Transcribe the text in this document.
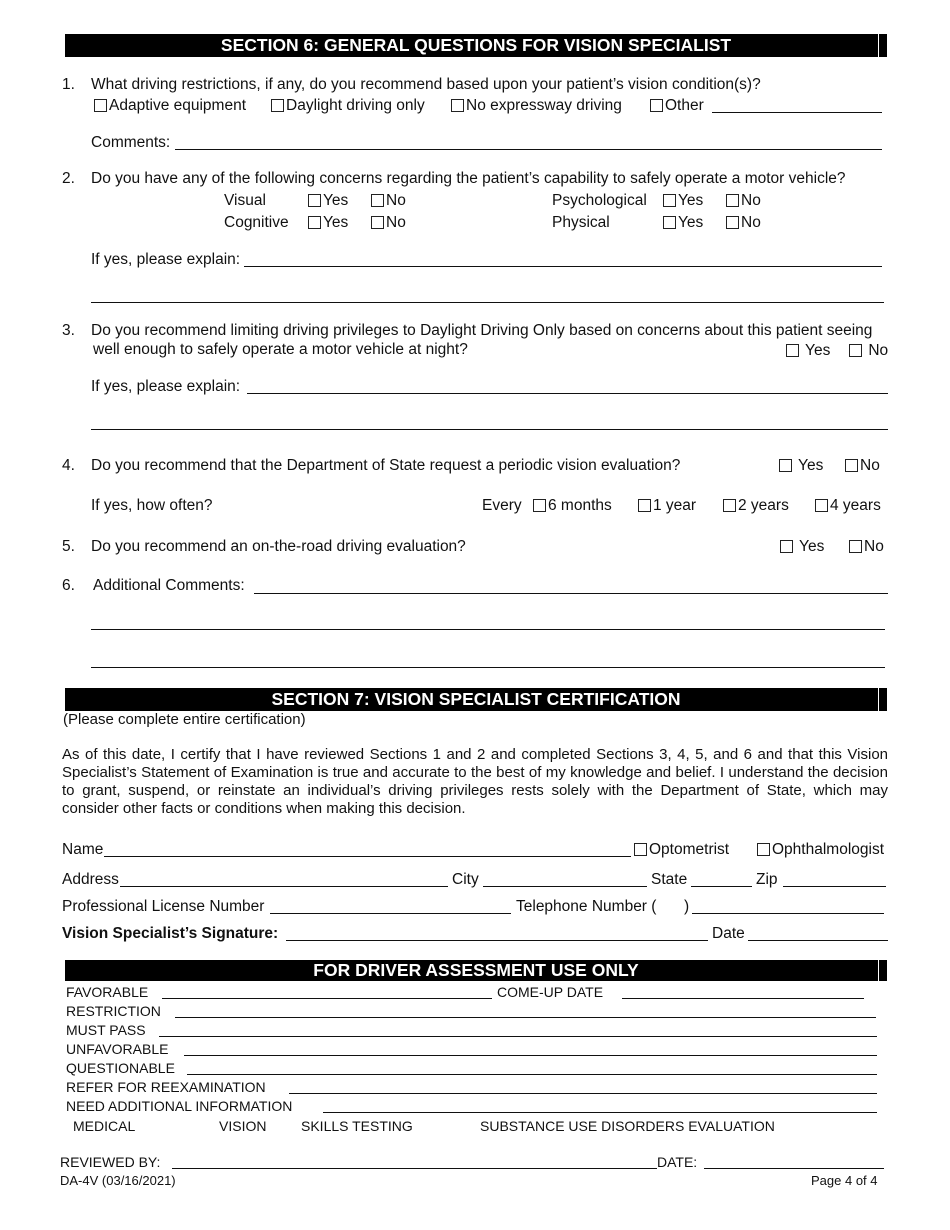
SECTION 6: GENERAL QUESTIONS FOR VISION SPECIALIST
1. What driving restrictions, if any, do you recommend based upon your patient’s vision condition(s)?
Adaptive equipment	Daylight driving only	No expressway driving	Other
Comments:
2. Do you have any of the following concerns regarding the patient’s capability to safely operate a motor vehicle?
Visual	Yes	No	Psychological	Yes	No
Cognitive	Yes	No	Physical	Yes	No
If yes, please explain:
3. Do you recommend limiting driving privileges to Daylight Driving Only based on concerns about this patient seeing
well enough to safely operate a motor vehicle at night?	Yes	No
If yes, please explain:
4. Do you recommend that the Department of State request a periodic vision evaluation?	Yes	No
If yes, how often?	Every	6 months	1 year	2 years	4 years
5. Do you recommend an on-the-road driving evaluation?	Yes	No
6. Additional Comments:
SECTION 7: VISION SPECIALIST CERTIFICATION
(Please complete entire certification)
As of this date, I certify that I have reviewed Sections 1 and 2 and completed Sections 3, 4, 5, and 6 and that this Vision Specialist’s Statement of Examination is true and accurate to the best of my knowledge and belief. I understand the decision to grant, suspend, or reinstate an individual’s driving privileges rests solely with the Department of State, which may consider other facts or conditions when making this decision.
Name	Optometrist	Ophthalmologist
Address	City	State	Zip
Professional License Number	Telephone Number ( )
Vision Specialist’s Signature:	Date
FOR DRIVER ASSESSMENT USE ONLY
FAVORABLE	COME-UP DATE
RESTRICTION
MUST PASS
UNFAVORABLE
QUESTIONABLE
REFER FOR REEXAMINATION
NEED ADDITIONAL INFORMATION
MEDICAL	VISION SKILLS TESTING	SUBSTANCE USE DISORDERS EVALUATION
REVIEWED BY:	DATE:
DA-4V (03/16/2021)	Page 4 of 4
